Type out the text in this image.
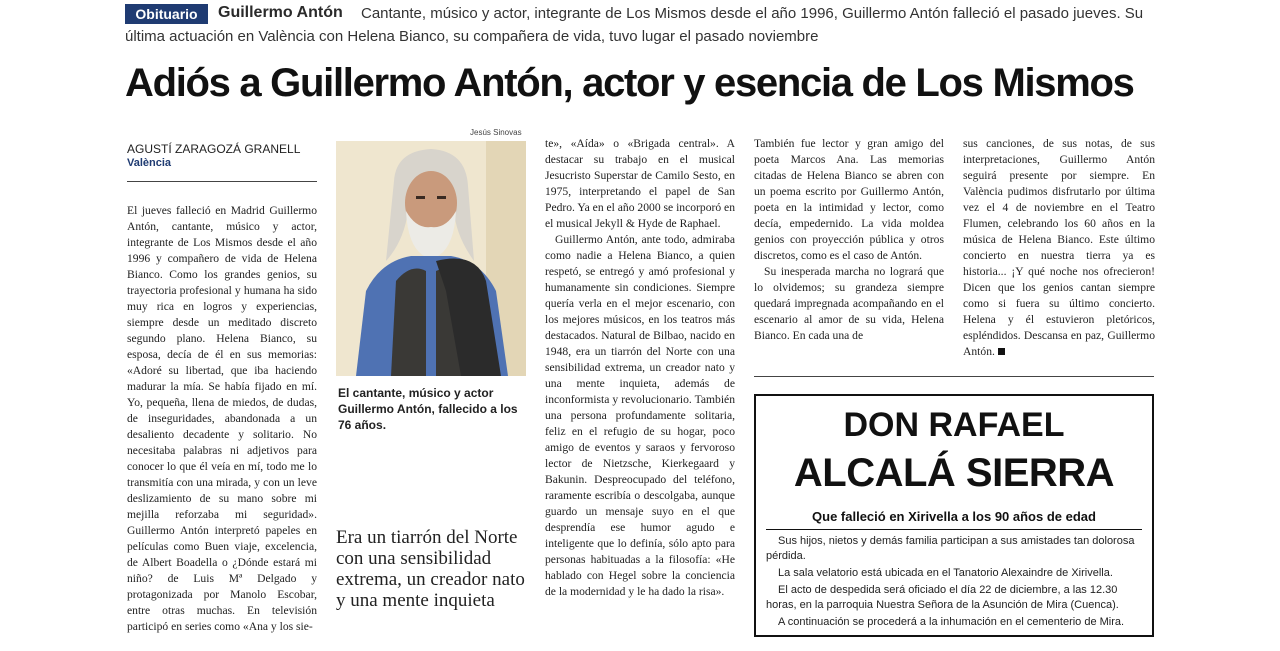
Obituario	Guillermo Antón Cantante, músico y actor, integrante de Los Mismos desde el año 1996, Guillermo Antón falleció el pasado jueves. Su
última actuación en València con Helena Bianco, su compañera de vida, tuvo lugar el pasado noviembre
Adiós a Guillermo Antón, actor y esencia de Los Mismos
AGUSTÍ ZARAGOZÁ GRANELL
València

El jueves falleció en Madrid Guillermo Antón, cantante, músico y actor, integrante de Los Mismos desde el año 1996 y compañero de vida de Helena Bianco. Como los grandes genios, su trayectoria profesional y humana ha sido muy rica en logros y experiencias, siempre desde un meditado discreto segundo plano. Helena Bianco, su esposa, decía de él en sus memorias: «Adoré su libertad, que iba haciendo madurar la mía. Se había fijado en mí. Yo, pequeña, llena de miedos, de dudas, de inseguridades, abandonada a un desaliento decadente y solitario. No necesitaba palabras ni adjetivos para conocer lo que él veía en mí, todo me lo transmitía con una mirada, y con un leve deslizamiento de su mano sobre mi mejilla reforzaba mi seguridad». Guillermo Antón interpretó papeles en películas como Buen viaje, excelencia, de Albert Boadella o ¿Dónde estará mi niño? de Luis Mª Delgado y protagonizada por Manolo Escobar, entre otras muchas. En televisión participó en series como «Ana y los sie-

Jesús Sinovas
El cantante, músico y actor Guillermo Antón, fallecido a los 76 años.
Era un tiarrón del Norte con una sensibilidad extrema, un creador nato y una mente inquieta

te», «Aída» o «Brigada central». A destacar su trabajo en el musical Jesucristo Superstar de Camilo Sesto, en 1975, interpretando el papel de San Pedro. Ya en el año 2000 se incorporó en el musical Jekyll & Hyde de Raphael.

Guillermo Antón, ante todo, admiraba como nadie a Helena Bianco, a quien respetó, se entregó y amó profesional y humanamente sin condiciones. Siempre quería verla en el mejor escenario, con los mejores músicos, en los teatros más destacados. Natural de Bilbao, nacido en 1948, era un tiarrón del Norte con una sensibilidad extrema, un creador nato y una mente inquieta, además de inconformista y revolucionario. También una persona profundamente solitaria, feliz en el refugio de su hogar, poco amigo de eventos y saraos y fervoroso lector de Nietzsche, Kierkegaard y Bakunin. Despreocupado del teléfono, raramente escribía o descolgaba, aunque guardo un mensaje suyo en el que desprendía ese humor agudo e inteligente que lo definía, sólo apto para personas habituadas a la filosofía: «He hablado con Hegel sobre la conciencia de la modernidad y le ha dado la risa».

También fue lector y gran amigo del poeta Marcos Ana. Las memorias citadas de Helena Bianco se abren con un poema escrito por Guillermo Antón, poeta en la intimidad y lector, como decía, empedernido. La vida moldea genios con proyección pública y otros discretos, como es el caso de Antón.

Su inesperada marcha no logrará que lo olvidemos; su grandeza siempre quedará impregnada acompañando en el escenario al amor de su vida, Helena Bianco. En cada una de

sus canciones, de sus notas, de sus interpretaciones, Guillermo Antón seguirá presente por siempre. En València pudimos disfrutarlo por última vez el 4 de noviembre en el Teatro Flumen, celebrando los 60 años en la música de Helena Bianco. Este último concierto en nuestra tierra ya es historia... ¡Y qué noche nos ofrecieron! Dicen que los genios cantan siempre como si fuera su último concierto. Helena y él estuvieron pletóricos, espléndidos. Descansa en paz, Guillermo Antón.

DON RAFAEL
ALCALÁ SIERRA
Que falleció en Xirivella a los 90 años de edad

Sus hijos, nietos y demás familia participan a sus amistades tan dolorosa pérdida.

La sala velatorio está ubicada en el Tanatorio Alexaindre de Xirivella.

El acto de despedida será oficiado el día 22 de diciembre, a las 12.30 horas, en la parroquia Nuestra Señora de la Asunción de Mira (Cuenca).

A continuación se procederá a la inhumación en el cementerio de Mira.
